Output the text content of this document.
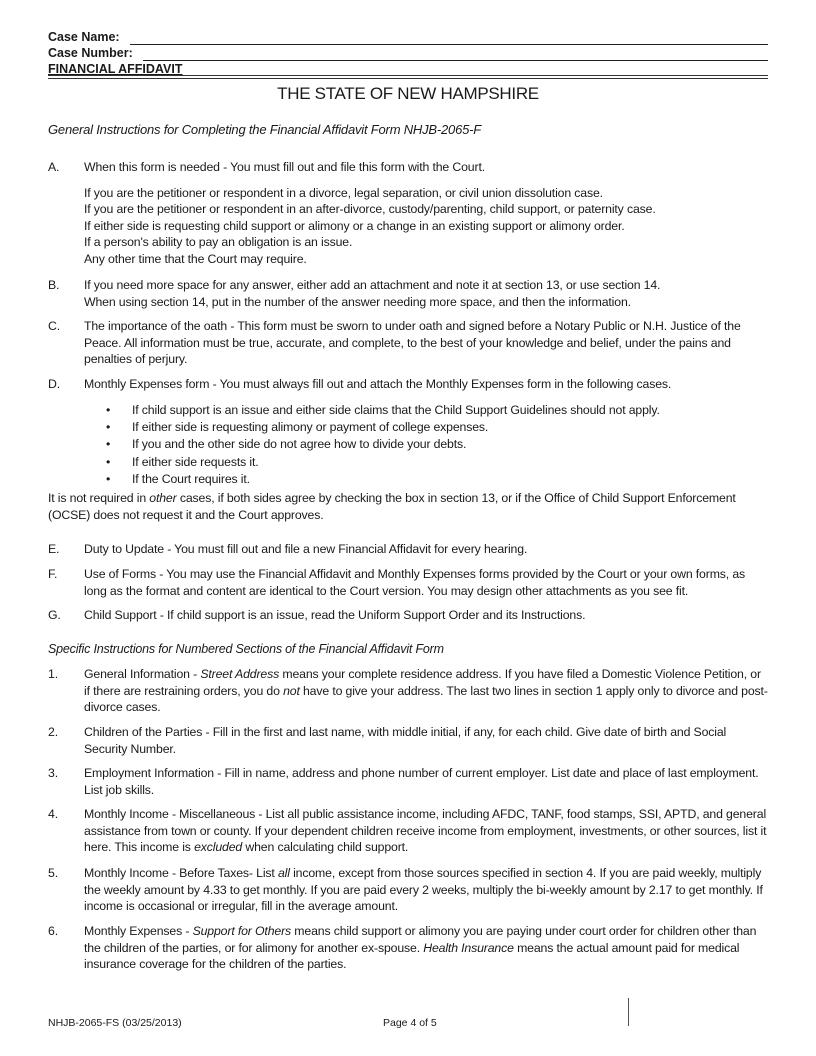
Case Name:
Case Number:
FINANCIAL AFFIDAVIT
THE STATE OF NEW HAMPSHIRE
General Instructions for Completing the Financial Affidavit Form NHJB-2065-F
A. When this form is needed - You must fill out and file this form with the Court.

If you are the petitioner or respondent in a divorce, legal separation, or civil union dissolution case.

If you are the petitioner or respondent in an after-divorce, custody/parenting, child support, or paternity case.

If either side is requesting child support or alimony or a change in an existing support or alimony order.

If a person's ability to pay an obligation is an issue.

Any other time that the Court may require.

B. If you need more space for any answer, either add an attachment and note it at section 13, or use section 14.

When using section 14, put in the number of the answer needing more space, and then the information.

C. The importance of the oath - This form must be sworn to under oath and signed before a Notary Public or N.H. Justice of the Peace. All information must be true, accurate, and complete, to the best of your knowledge and belief, under the pains and penalties of perjury.

D. Monthly Expenses form - You must always fill out and attach the Monthly Expenses form in the following cases.

• If child support is an issue and either side claims that the Child Support Guidelines should not apply.
• If either side is requesting alimony or payment of college expenses.
• If you and the other side do not agree how to divide your debts.
• If either side requests it.
• If the Court requires it.
It is not required in other cases, if both sides agree by checking the box in section 13, or if the Office of Child Support Enforcement (OCSE) does not request it and the Court approves.
E. Duty to Update - You must fill out and file a new Financial Affidavit for every hearing.

F. Use of Forms - You may use the Financial Affidavit and Monthly Expenses forms provided by the Court or your own forms, as long as the format and content are identical to the Court version. You may design other attachments as you see fit.

G. Child Support - If child support is an issue, read the Uniform Support Order and its Instructions.

Specific Instructions for Numbered Sections of the Financial Affidavit Form
1. General Information - Street Address means your complete residence address. If you have filed a Domestic Violence Petition, or if there are restraining orders, you do not have to give your address. The last two lines in section 1 apply only to divorce and post-divorce cases.

2. Children of the Parties - Fill in the first and last name, with middle initial, if any, for each child. Give date of birth and Social Security Number.

3. Employment Information - Fill in name, address and phone number of current employer. List date and place of last employment. List job skills.

4. Monthly Income - Miscellaneous - List all public assistance income, including AFDC, TANF, food stamps, SSI, APTD, and general assistance from town or county. If your dependent children receive income from employment, investments, or other sources, list it here. This income is excluded when calculating child support.

5. Monthly Income - Before Taxes- List all income, except from those sources specified in section 4. If you are paid weekly, multiply the weekly amount by 4.33 to get monthly. If you are paid every 2 weeks, multiply the bi-weekly amount by 2.17 to get monthly. If income is occasional or irregular, fill in the average amount.

6. Monthly Expenses - Support for Others means child support or alimony you are paying under court order for children other than the children of the parties, or for alimony for another ex-spouse. Health Insurance means the actual amount paid for medical insurance coverage for the children of the parties.

NHJB-2065-FS (03/25/2013)	Page 4 of 5
